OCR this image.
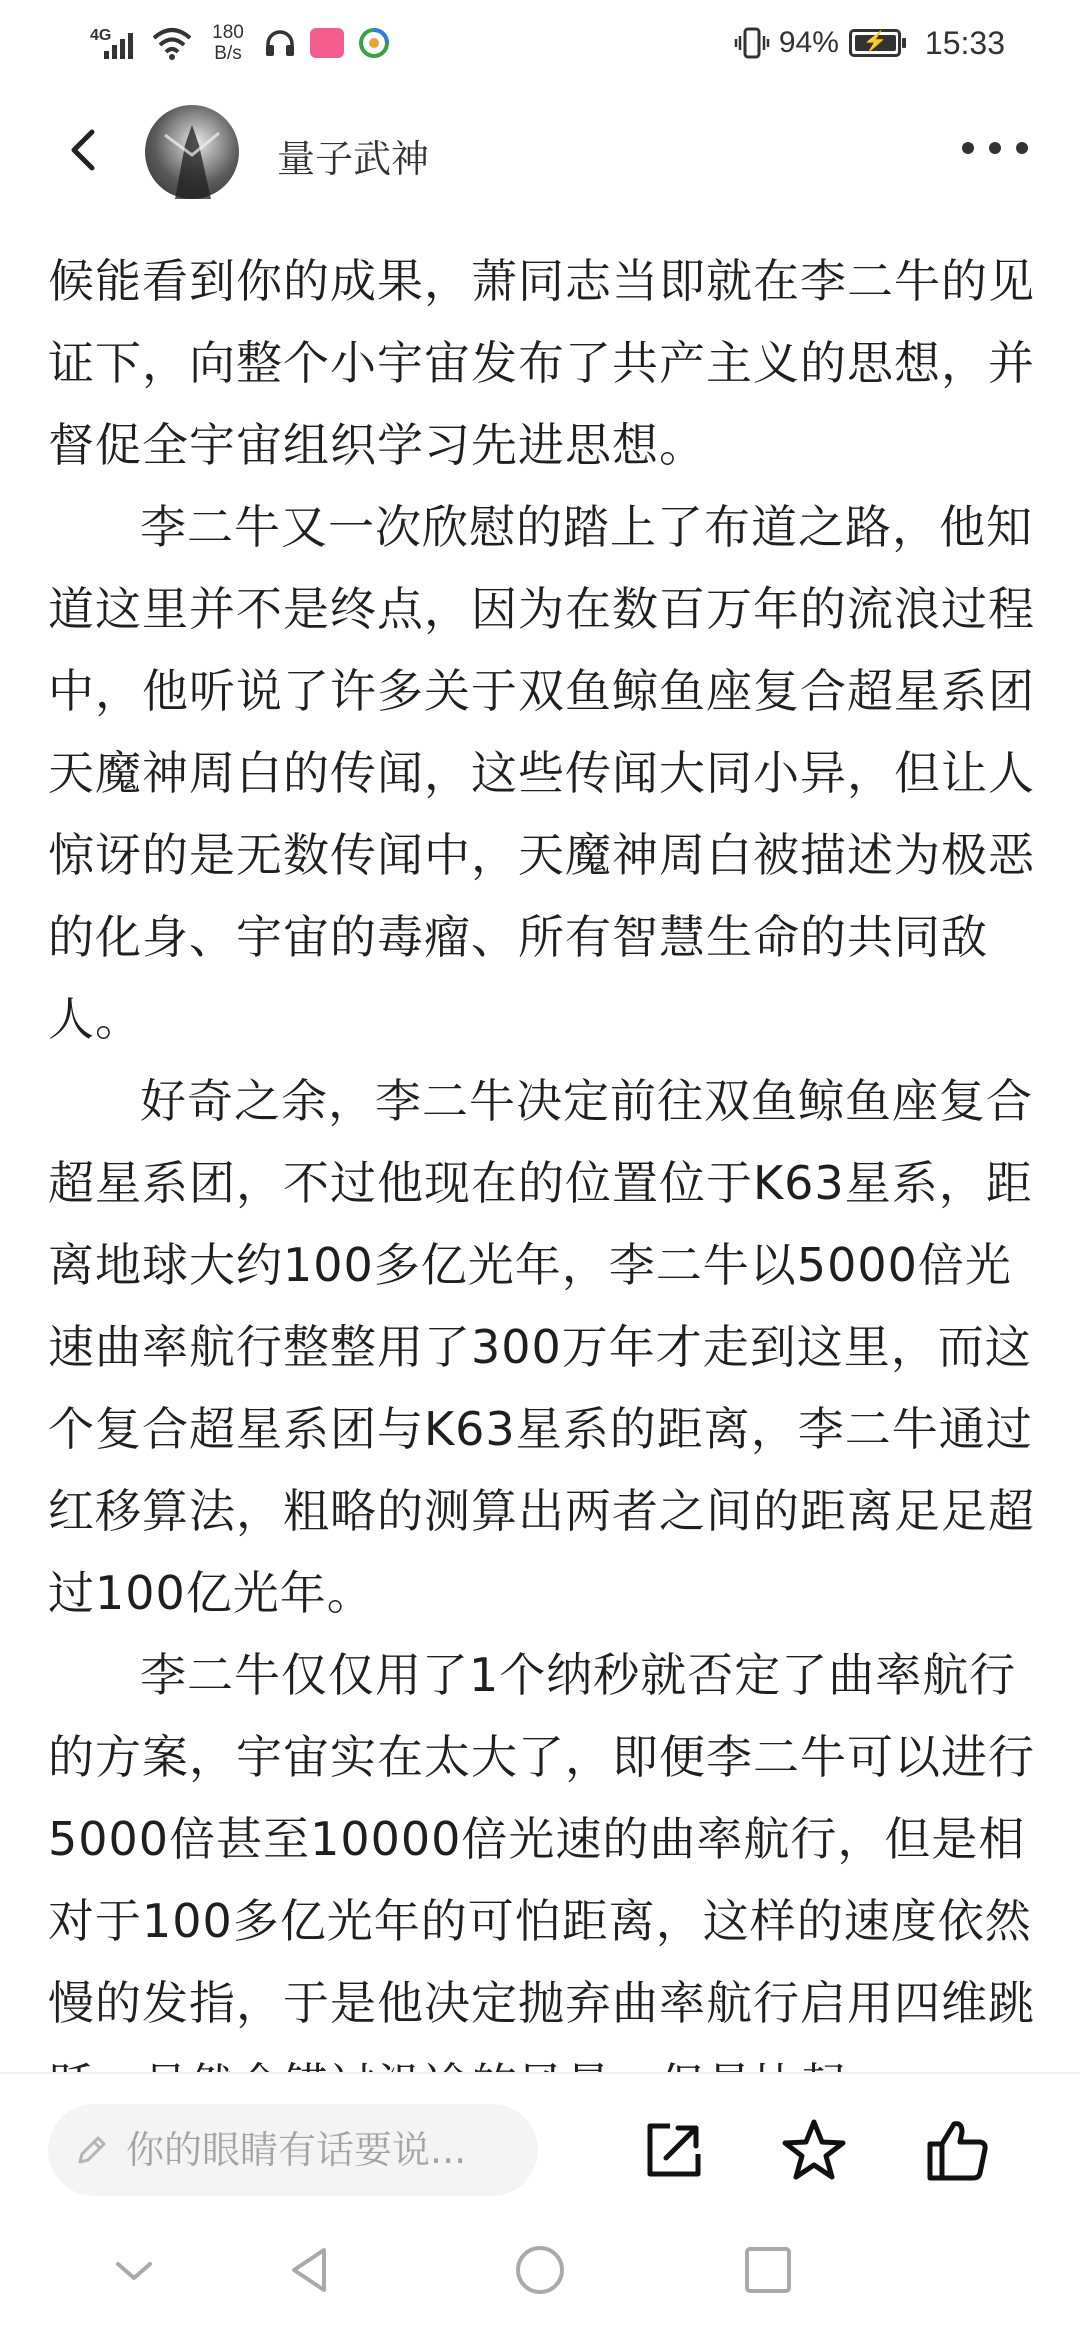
4G	180
B/s	94%	⚡	15:33
量子武神

候能看到你的成果，萧同志当即就在李二牛的见证下，向整个小宇宙发布了共产主义的思想，并督促全宇宙组织学习先进思想。

李二牛又一次欣慰的踏上了布道之路，他知道这里并不是终点，因为在数百万年的流浪过程中，他听说了许多关于双鱼鲸鱼座复合超星系团天魔神周白的传闻，这些传闻大同小异，但让人惊讶的是无数传闻中，天魔神周白被描述为极恶的化身、宇宙的毒瘤、所有智慧生命的共同敌人。

好奇之余，李二牛决定前往双鱼鲸鱼座复合超星系团，不过他现在的位置位于K63星系，距离地球大约100多亿光年，李二牛以5000倍光速曲率航行整整用了300万年才走到这里，而这个复合超星系团与K63星系的距离，李二牛通过红移算法，粗略的测算出两者之间的距离足足超过100亿光年。

李二牛仅仅用了1个纳秒就否定了曲率航行的方案，宇宙实在太大了，即便李二牛可以进行5000倍甚至10000倍光速的曲率航行，但是相对于100多亿光年的可怕距离，这样的速度依然慢的发指，于是他决定抛弃曲率航行启用四维跳

你的眼睛有话要说...
